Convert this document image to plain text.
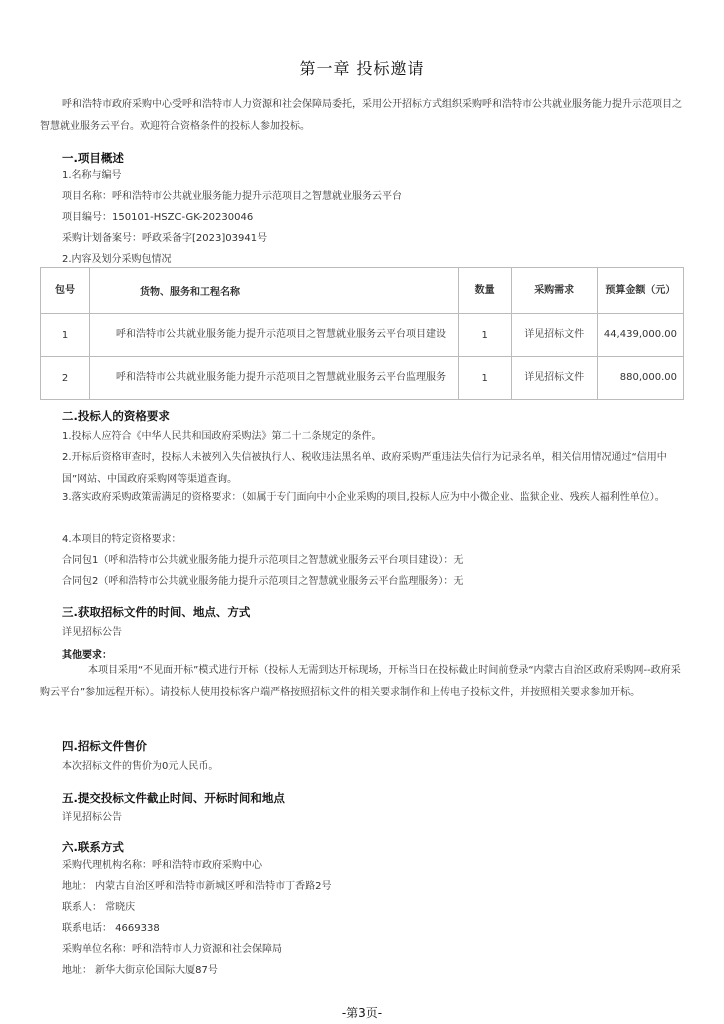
第一章 投标邀请
呼和浩特市政府采购中心受呼和浩特市人力资源和社会保障局委托，采用公开招标方式组织采购呼和浩特市公共就业服务能力提升示范项目之智慧就业服务云平台。欢迎符合资格条件的投标人参加投标。
一.项目概述
1.名称与编号
项目名称：呼和浩特市公共就业服务能力提升示范项目之智慧就业服务云平台
项目编号：150101-HSZC-GK-20230046
采购计划备案号：呼政采备字[2023]03941号
2.内容及划分采购包情况
包号	货物、服务和工程名称	数量	采购需求	预算金额（元）

1	呼和浩特市公共就业服务能力提升示范项目之智慧就业服务云平台项目建设	1	详见招标文件	44,439,000.00

2	呼和浩特市公共就业服务能力提升示范项目之智慧就业服务云平台监理服务	1	详见招标文件	880,000.00
二.投标人的资格要求
1.投标人应符合《中华人民共和国政府采购法》第二十二条规定的条件。
2.开标后资格审查时，投标人未被列入失信被执行人、税收违法黑名单、政府采购严重违法失信行为记录名单，相关信用情况通过“信用中国”网站、中国政府采购网等渠道查询。
3.落实政府采购政策需满足的资格要求：（如属于专门面向中小企业采购的项目,投标人应为中小微企业、监狱企业、残疾人福利性单位）。
4.本项目的特定资格要求：
合同包1（呼和浩特市公共就业服务能力提升示范项目之智慧就业服务云平台项目建设）：无
合同包2（呼和浩特市公共就业服务能力提升示范项目之智慧就业服务云平台监理服务）：无
三.获取招标文件的时间、地点、方式
详见招标公告
其他要求：
本项目采用“不见面开标”模式进行开标（投标人无需到达开标现场，开标当日在投标截止时间前登录“内蒙古自治区政府采购网--政府采购云平台”参加远程开标）。请投标人使用投标客户端严格按照招标文件的相关要求制作和上传电子投标文件，并按照相关要求参加开标。
四.招标文件售价
本次招标文件的售价为0元人民币。
五.提交投标文件截止时间、开标时间和地点
详见招标公告
六.联系方式
采购代理机构名称：呼和浩特市政府采购中心
地址： 内蒙古自治区呼和浩特市新城区呼和浩特市丁香路2号
联系人： 常晓庆
联系电话： 4669338
采购单位名称：呼和浩特市人力资源和社会保障局
地址： 新华大街京伦国际大厦87号
-第3页-
